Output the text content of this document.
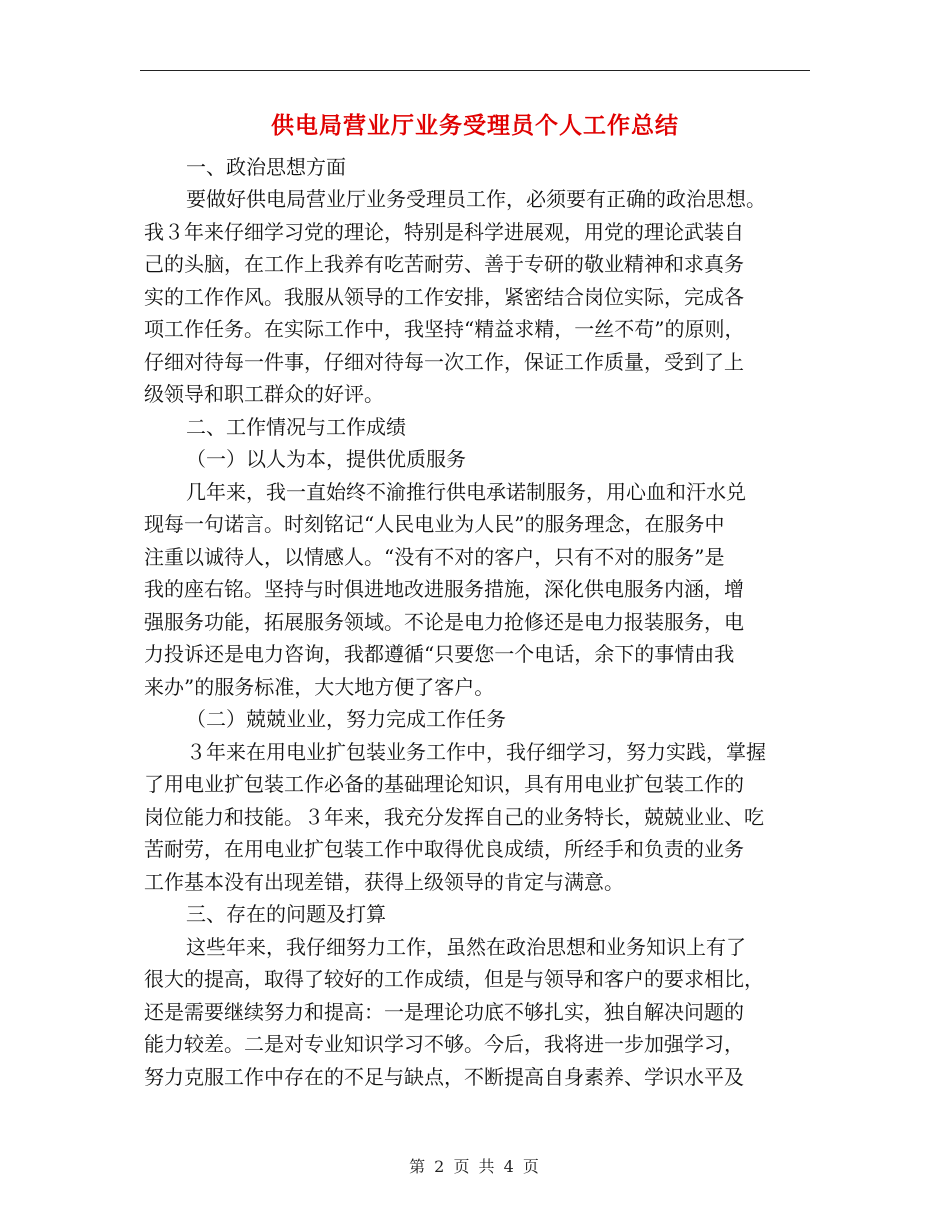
供电局营业厅业务受理员个人工作总结
一、政治思想方面
要做好供电局营业厅业务受理员工作，必须要有正确的政治思想。
我３年来仔细学习党的理论，特别是科学进展观，用党的理论武装自
己的头脑，在工作上我养有吃苦耐劳、善于专研的敬业精神和求真务
实的工作作风。我服从领导的工作安排，紧密结合岗位实际，完成各
项工作任务。在实际工作中，我坚持“精益求精，一丝不苟”的原则，
仔细对待每一件事，仔细对待每一次工作，保证工作质量，受到了上
级领导和职工群众的好评。
二、工作情况与工作成绩
（一）以人为本，提供优质服务
几年来，我一直始终不渝推行供电承诺制服务，用心血和汗水兑
现每一句诺言。时刻铭记“人民电业为人民”的服务理念，在服务中
注重以诚待人，以情感人。“没有不对的客户，只有不对的服务”是
我的座右铭。坚持与时俱进地改进服务措施，深化供电服务内涵，增
强服务功能，拓展服务领域。不论是电力抢修还是电力报装服务，电
力投诉还是电力咨询，我都遵循“只要您一个电话，余下的事情由我
来办”的服务标准，大大地方便了客户。
（二）兢兢业业，努力完成工作任务
３年来在用电业扩包装业务工作中，我仔细学习，努力实践，掌握
了用电业扩包装工作必备的基础理论知识，具有用电业扩包装工作的
岗位能力和技能。３年来，我充分发挥自己的业务特长，兢兢业业、吃
苦耐劳，在用电业扩包装工作中取得优良成绩，所经手和负责的业务
工作基本没有出现差错，获得上级领导的肯定与满意。
三、存在的问题及打算
这些年来，我仔细努力工作，虽然在政治思想和业务知识上有了
很大的提高，取得了较好的工作成绩，但是与领导和客户的要求相比，
还是需要继续努力和提高：一是理论功底不够扎实，独自解决问题的
能力较差。二是对专业知识学习不够。今后，我将进一步加强学习，
努力克服工作中存在的不足与缺点，不断提高自身素养、学识水平及
第 2 页 共 4 页
